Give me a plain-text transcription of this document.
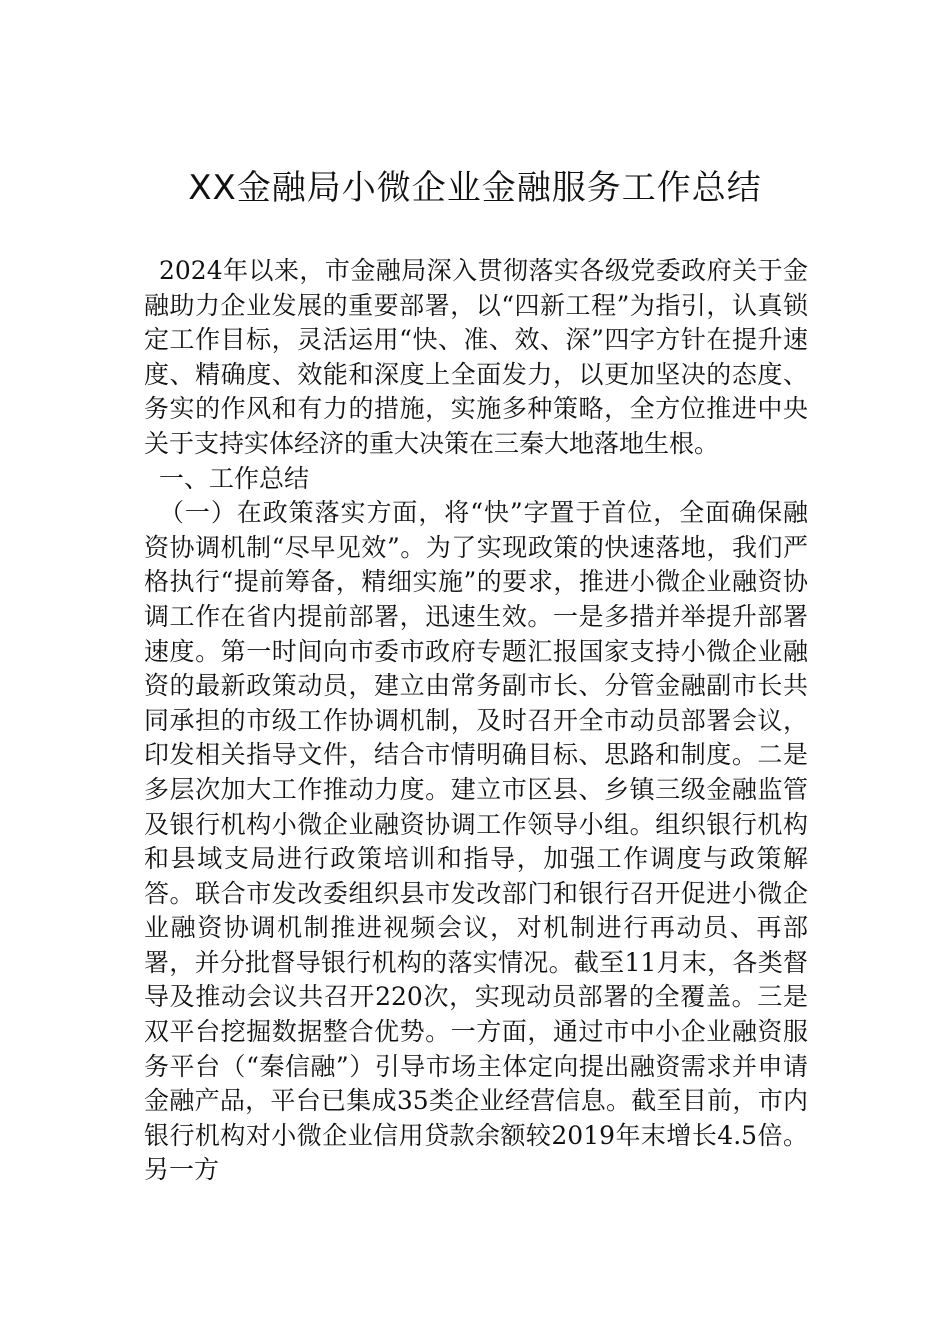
XX金融局小微企业金融服务工作总结

2024年以来，市金融局深入贯彻落实各级党委政府关于金融助力企业发展的重要部署，以“四新工程”为指引，认真锁定工作目标，灵活运用“快、准、效、深”四字方针在提升速度、精确度、效能和深度上全面发力，以更加坚决的态度、务实的作风和有力的措施，实施多种策略，全方位推进中央关于支持实体经济的重大决策在三秦大地落地生根。

一、工作总结

（一）在政策落实方面，将“快”字置于首位，全面确保融资协调机制“尽早见效”。为了实现政策的快速落地，我们严格执行“提前筹备，精细实施”的要求，推进小微企业融资协调工作在省内提前部署，迅速生效。一是多措并举提升部署速度。第一时间向市委市政府专题汇报国家支持小微企业融资的最新政策动员，建立由常务副市长、分管金融副市长共同承担的市级工作协调机制，及时召开全市动员部署会议，印发相关指导文件，结合市情明确目标、思路和制度。二是多层次加大工作推动力度。建立市区县、乡镇三级金融监管及银行机构小微企业融资协调工作领导小组。组织银行机构和县域支局进行政策培训和指导，加强工作调度与政策解答。联合市发改委组织县市发改部门和银行召开促进小微企业融资协调机制推进视频会议，对机制进行再动员、再部署，并分批督导银行机构的落实情况。截至11月末，各类督导及推动会议共召开220次，实现动员部署的全覆盖。三是双平台挖掘数据整合优势。一方面，通过市中小企业融资服务平台（“秦信融”）引导市场主体定向提出融资需求并申请金融产品，平台已集成35类企业经营信息。截至目前，市内银行机构对小微企业信用贷款余额较2019年末增长4.5倍。另一方
